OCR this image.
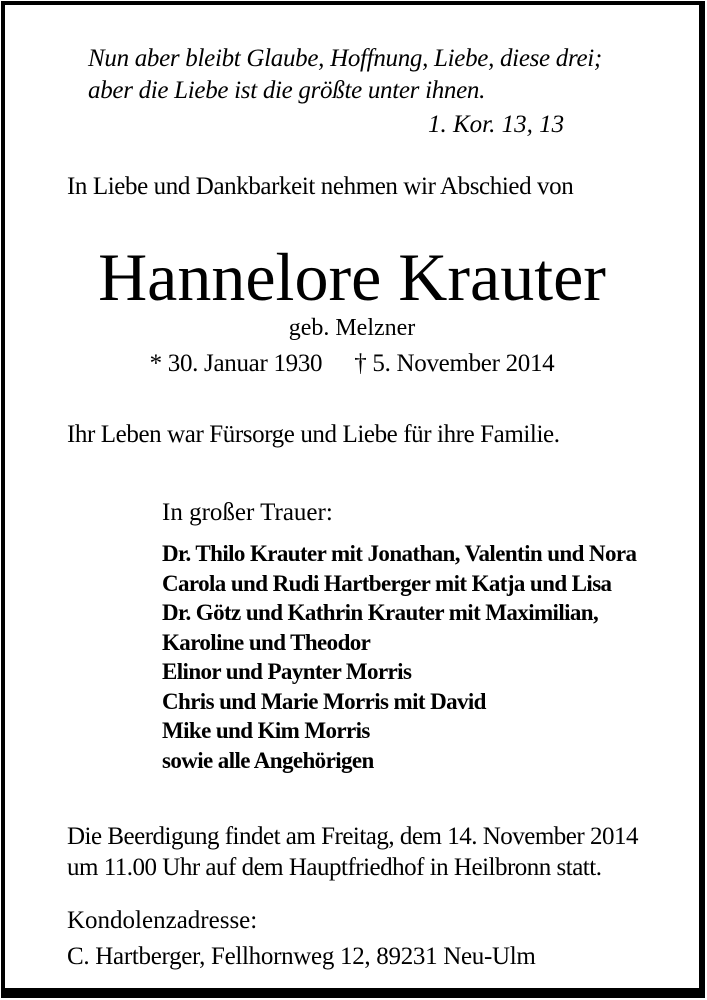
Nun aber bleibt Glaube, Hoffnung, Liebe, diese drei;
aber die Liebe ist die größte unter ihnen.
1. Kor. 13, 13
In Liebe und Dankbarkeit nehmen wir Abschied von
Hannelore Krauter
geb. Melzner
* 30. Januar 1930 † 5. November 2014
Ihr Leben war Fürsorge und Liebe für ihre Familie.
In großer Trauer:
Dr. Thilo Krauter mit Jonathan, Valentin und Nora
Carola und Rudi Hartberger mit Katja und Lisa
Dr. Götz und Kathrin Krauter mit Maximilian,
Karoline und Theodor
Elinor und Paynter Morris
Chris und Marie Morris mit David
Mike und Kim Morris
sowie alle Angehörigen
Die Beerdigung findet am Freitag, dem 14. November 2014
um 11.00 Uhr auf dem Hauptfriedhof in Heilbronn statt.
Kondolenzadresse:
C. Hartberger, Fellhornweg 12, 89231 Neu-Ulm
